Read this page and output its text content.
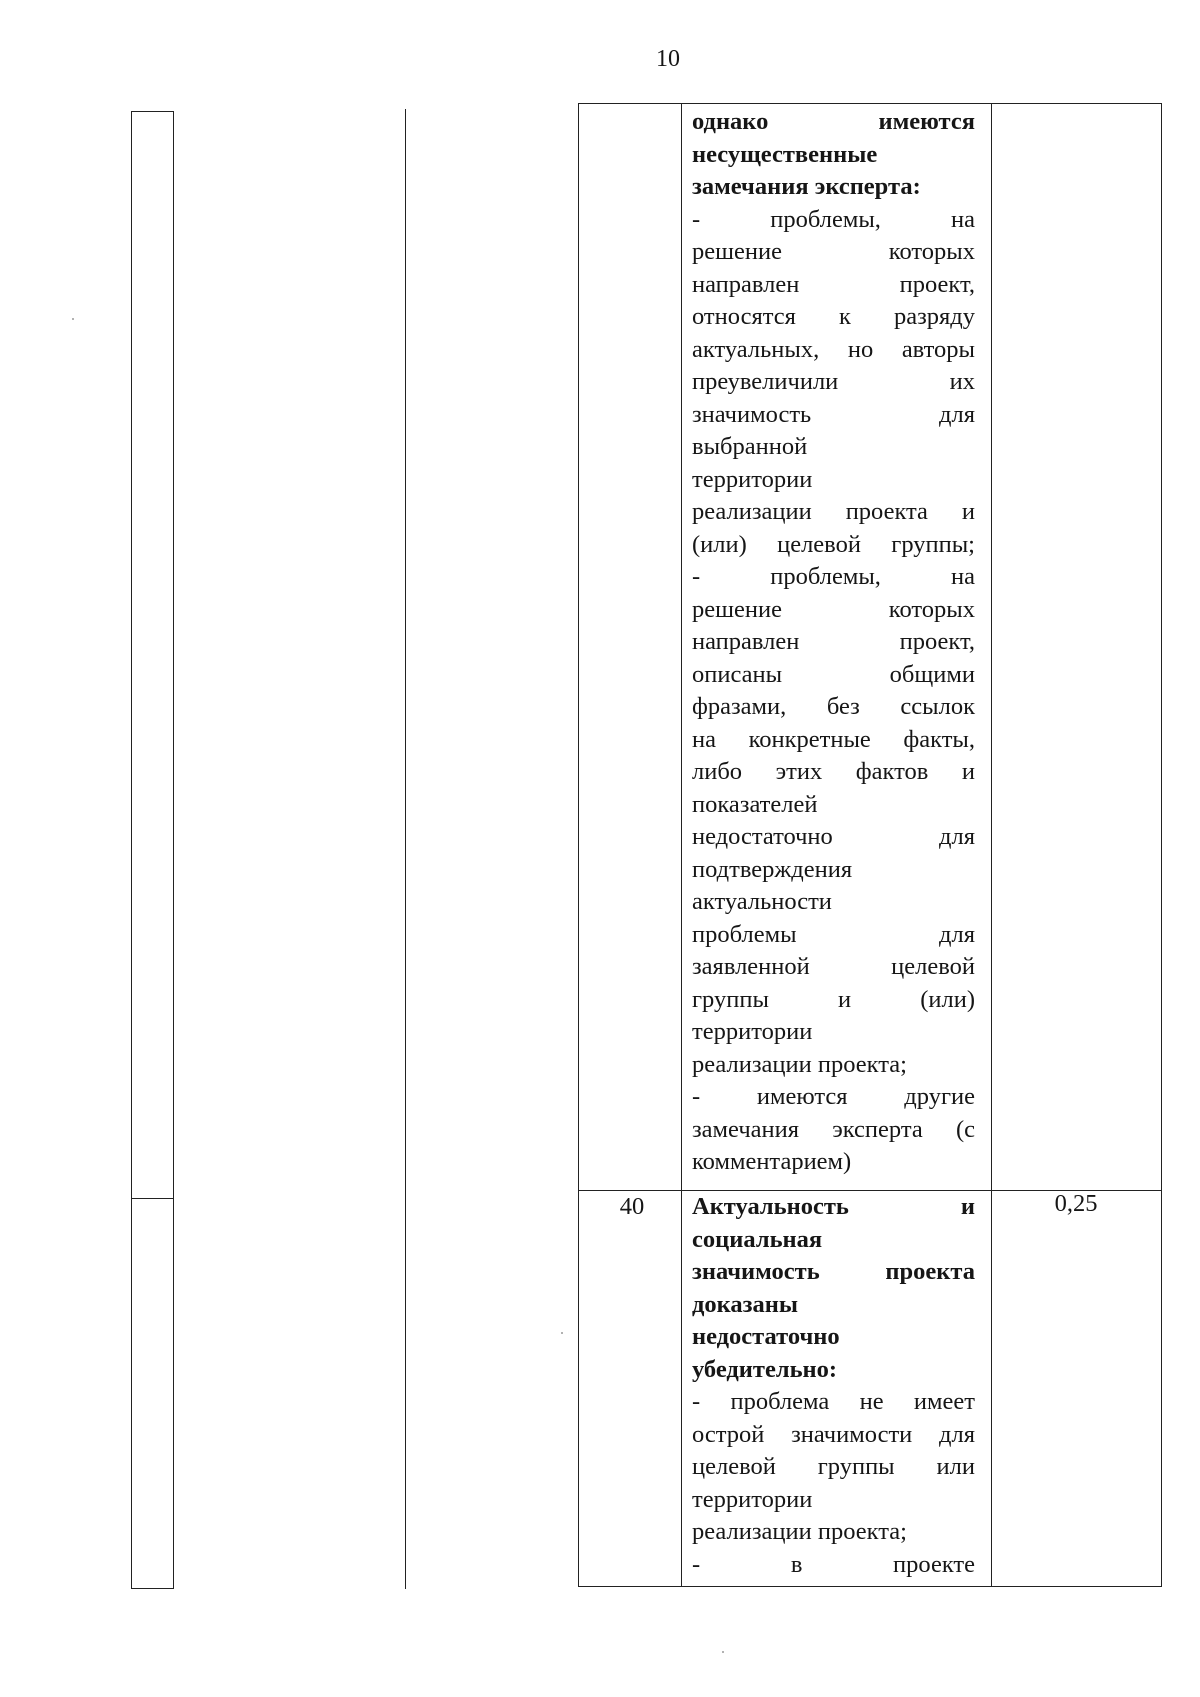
10
однако имеются
несущественные
замечания эксперта:
- проблемы, на
решение которых
направлен проект,
относятся к разряду
актуальных, но авторы
преувеличили их
значимость для
выбранной
территории
реализации проекта и
(или) целевой группы;
- проблемы, на
решение которых
направлен проект,
описаны общими
фразами, без ссылок
на конкретные факты,
либо этих фактов и
показателей
недостаточно для
подтверждения
актуальности
проблемы для
заявленной целевой
группы и (или)
территории
реализации проекта;
- имеются другие
замечания эксперта (с
комментарием)
40	Актуальность и
социальная
значимость проекта
доказаны
недостаточно
убедительно:
- проблема не имеет
острой значимости для
целевой группы или
территории
реализации проекта;
- в проекте
0,25
